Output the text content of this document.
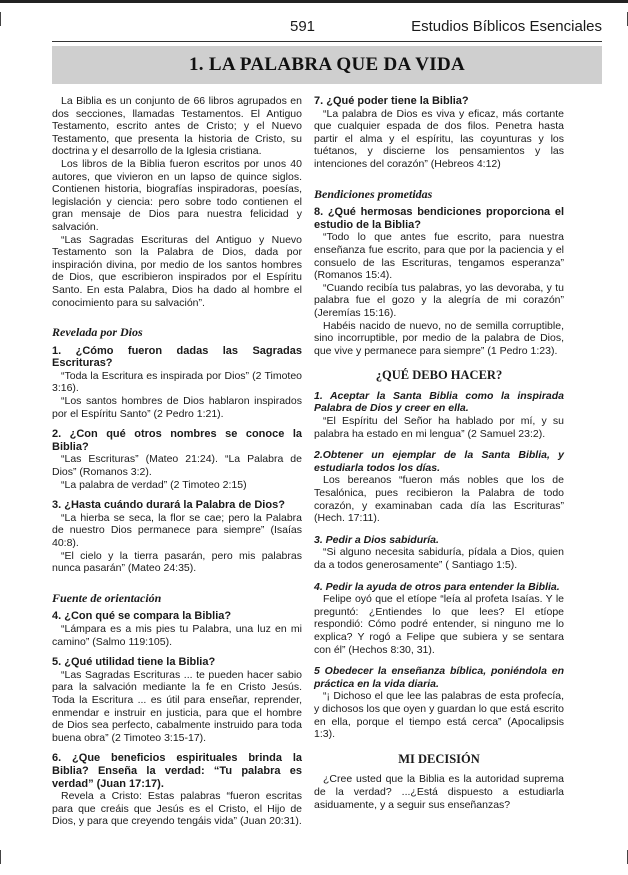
591	Estudios Bíblicos Esenciales
1. LA PALABRA QUE DA VIDA

La Biblia es un conjunto de 66 libros agrupados en dos secciones, llamadas Testamentos. El Antiguo Testamento, escrito antes de Cristo; y el Nuevo Testamento, que presenta la historia de Cristo, su doctrina y el desarrollo de la Iglesia cristiana.

Los libros de la Biblia fueron escritos por unos 40 autores, que vivieron en un lapso de quince siglos. Contienen historia, biografías inspiradoras, poesías, legislación y ciencia: pero sobre todo contienen el gran mensaje de Dios para nuestra felicidad y salvación.

“Las Sagradas Escrituras del Antiguo y Nuevo Testamento son la Palabra de Dios, dada por inspiración divina, por medio de los santos hombres de Dios, que escribieron inspirados por el Espíritu Santo. En esta Palabra, Dios ha dado al hombre el conocimiento para su salvación”.

Revelada por Dios

1. ¿Cómo fueron dadas las Sagradas Escrituras?

“Toda la Escritura es inspirada por Dios” (2 Timoteo 3:16).

“Los santos hombres de Dios hablaron inspirados por el Espíritu Santo” (2 Pedro 1:21).

2. ¿Con qué otros nombres se conoce la Biblia?

“Las Escrituras” (Mateo 21:24). “La Palabra de Dios” (Romanos 3:2).

“La palabra de verdad” (2 Timoteo 2:15)

3. ¿Hasta cuándo durará la Palabra de Dios?

“La hierba se seca, la flor se cae; pero la Palabra de nuestro Dios permanece para siempre” (Isaías 40:8).

“El cielo y la tierra pasarán, pero mis palabras nunca pasarán” (Mateo 24:35).

Fuente de orientación

4. ¿Con qué se compara la Biblia?

“Lámpara es a mis pies tu Palabra, una luz en mi camino” (Salmo 119:105).

5. ¿Qué utilidad tiene la Biblia?

“Las Sagradas Escrituras ... te pueden hacer sabio para la salvación mediante la fe en Cristo Jesús. Toda la Escritura ... es útil para enseñar, reprender, enmendar e instruir en justicia, para que el hombre de Dios sea perfecto, cabalmente instruido para toda buena obra” (2 Timoteo 3:15-17).

6. ¿Que beneficios espirituales brinda la Biblia? Enseña la verdad: “Tu palabra es verdad” (Juan 17:17).

Revela a Cristo: Estas palabras “fueron escritas para que creáis que Jesús es el Cristo, el Hijo de Dios, y para que creyendo tengáis vida” (Juan 20:31).

7. ¿Qué poder tiene la Biblia?

“La palabra de Dios es viva y eficaz, más cortante que cualquier espada de dos filos. Penetra hasta partir el alma y el espíritu, las coyunturas y los tuétanos, y discierne los pensamientos y las intenciones del corazón” (Hebreos 4:12)

Bendiciones prometidas

8. ¿Qué hermosas bendiciones proporciona el estudio de la Biblia?

“Todo lo que antes fue escrito, para nuestra enseñanza fue escrito, para que por la paciencia y el consuelo de las Escrituras, tengamos esperanza” (Romanos 15:4).

“Cuando recibía tus palabras, yo las devoraba, y tu palabra fue el gozo y la alegría de mi corazón” (Jeremías 15:16).

Habéis nacido de nuevo, no de semilla corruptible, sino incorruptible, por medio de la palabra de Dios, que vive y permanece para siempre” (1 Pedro 1:23).

¿QUÉ DEBO HACER?

1. Aceptar la Santa Biblia como la inspirada Palabra de Dios y creer en ella.

“El Espíritu del Señor ha hablado por mí, y su palabra ha estado en mi lengua” (2 Samuel 23:2).

2.Obtener un ejemplar de la Santa Biblia, y estudiarla todos los días.

Los bereanos “fueron más nobles que los de Tesalónica, pues recibieron la Palabra de todo corazón, y examinaban cada día las Escrituras” (Hech. 17:11).

3. Pedir a Dios sabiduría.

“Si alguno necesita sabiduría, pídala a Dios, quien da a todos generosamente” ( Santiago 1:5).

4. Pedir la ayuda de otros para entender la Biblia.

Felipe oyó que el etíope “leía al profeta Isaías. Y le preguntó: ¿Entiendes lo que lees? El etíope respondió: Cómo podré entender, si ninguno me lo explica? Y rogó a Felipe que subiera y se sentara con él” (Hechos 8:30, 31).

5 Obedecer la enseñanza bíblica, poniéndola en práctica en la vida diaria.

“¡ Dichoso el que lee las palabras de esta profecía, y dichosos los que oyen y guardan lo que está escrito en ella, porque el tiempo está cerca” (Apocalipsis 1:3).

MI DECISIÓN

¿Cree usted que la Biblia es la autoridad suprema de la verdad? ...¿Está dispuesto a estudiarla asiduamente, y a seguir sus enseñanzas?
